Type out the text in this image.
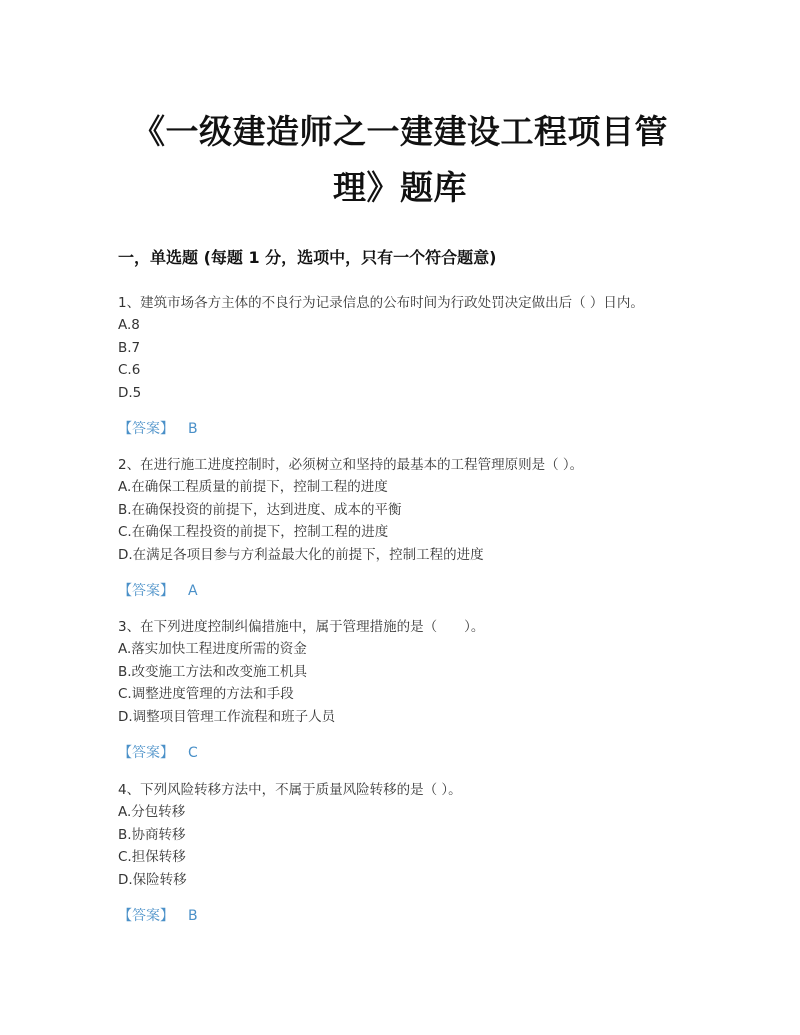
《一级建造师之一建建设工程项目管
理》题库
一，单选题 (每题 1 分，选项中，只有一个符合题意)
1、建筑市场各方主体的不良行为记录信息的公布时间为行政处罚决定做出后（ ）日内。
A.8
B.7
C.6
D.5
【答案】 B
2、在进行施工进度控制时，必须树立和坚持的最基本的工程管理原则是（ ）。
A.在确保工程质量的前提下，控制工程的进度
B.在确保投资的前提下，达到进度、成本的平衡
C.在确保工程投资的前提下，控制工程的进度
D.在满足各项目参与方利益最大化的前提下，控制工程的进度
【答案】 A
3、在下列进度控制纠偏措施中，属于管理措施的是（　　）。
A.落实加快工程进度所需的资金
B.改变施工方法和改变施工机具
C.调整进度管理的方法和手段
D.调整项目管理工作流程和班子人员
【答案】 C
4、下列风险转移方法中，不属于质量风险转移的是（ ）。
A.分包转移
B.协商转移
C.担保转移
D.保险转移
【答案】 B
